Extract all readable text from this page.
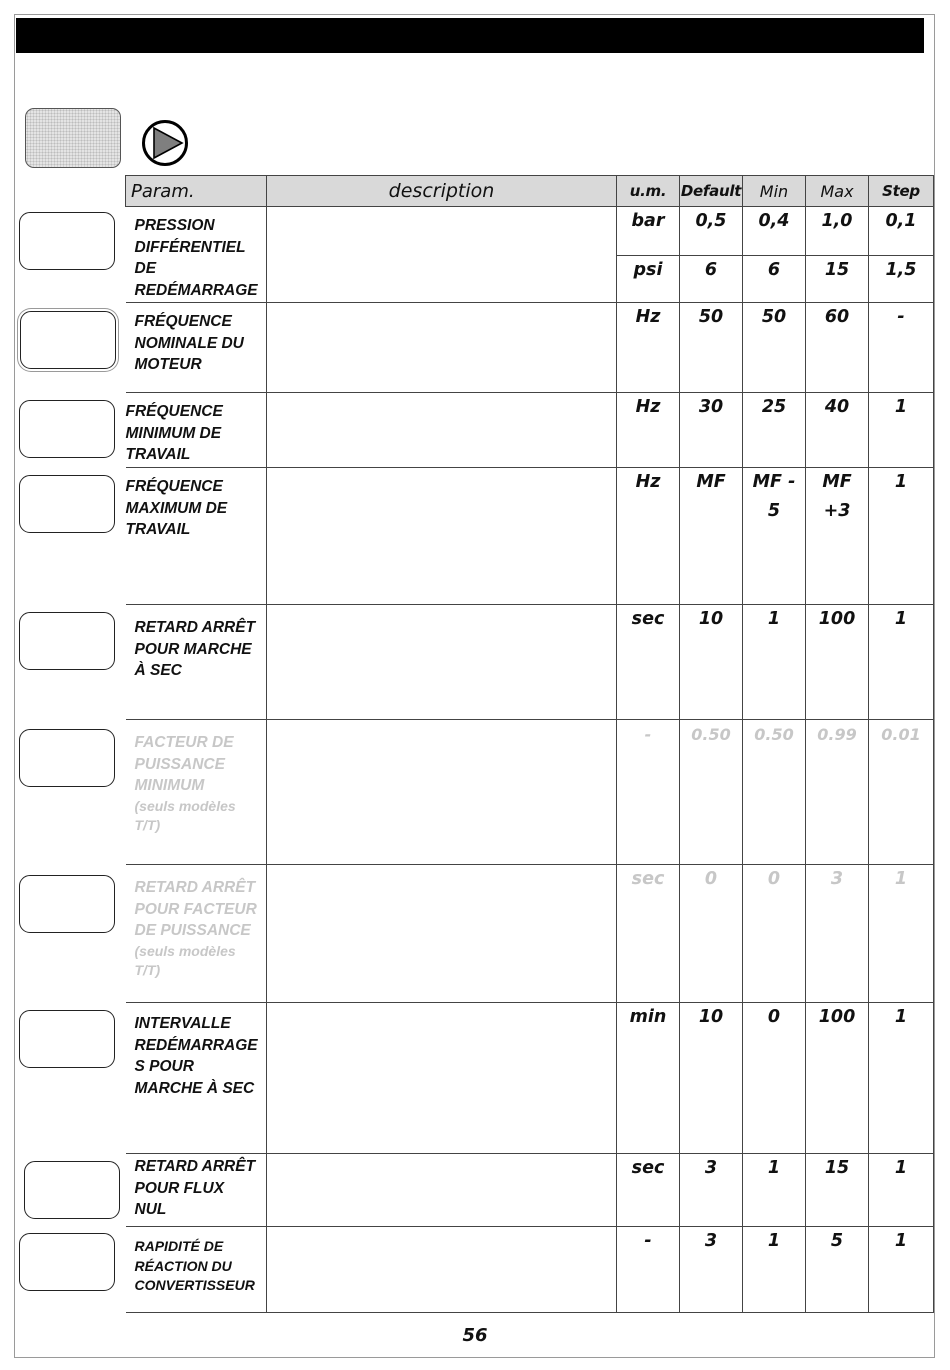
Param.	description	u.m.	Default	Min	Max	Step

PRESSION DIFFÉRENTIEL DE REDÉMARRAGE		bar	0,5	0,4	1,0	0,1
		psi	6	6	15	1,5

FRÉQUENCE NOMINALE DU MOTEUR		Hz	50	50	60	-

FRÉQUENCE MINIMUM DE TRAVAIL		Hz	30	25	40	1

FRÉQUENCE MAXIMUM DE TRAVAIL		Hz	MF	MF - 5	MF +3	1

RETARD ARRÊT POUR MARCHE À SEC		sec	10	1	100	1

FACTEUR DE PUISSANCE MINIMUM
(seuls modèles T/T)		-	0.50	0.50	0.99	0.01

RETARD ARRÊT POUR FACTEUR DE PUISSANCE
(seuls modèles T/T)		sec	0	0	3	1

INTERVALLE REDÉMARRAGE S POUR MARCHE À SEC		min	10	0	100	1

RETARD ARRÊT POUR FLUX NUL		sec	3	1	15	1

RAPIDITÉ DE RÉACTION DU CONVERTISSEUR		-	3	1	5	1
56
